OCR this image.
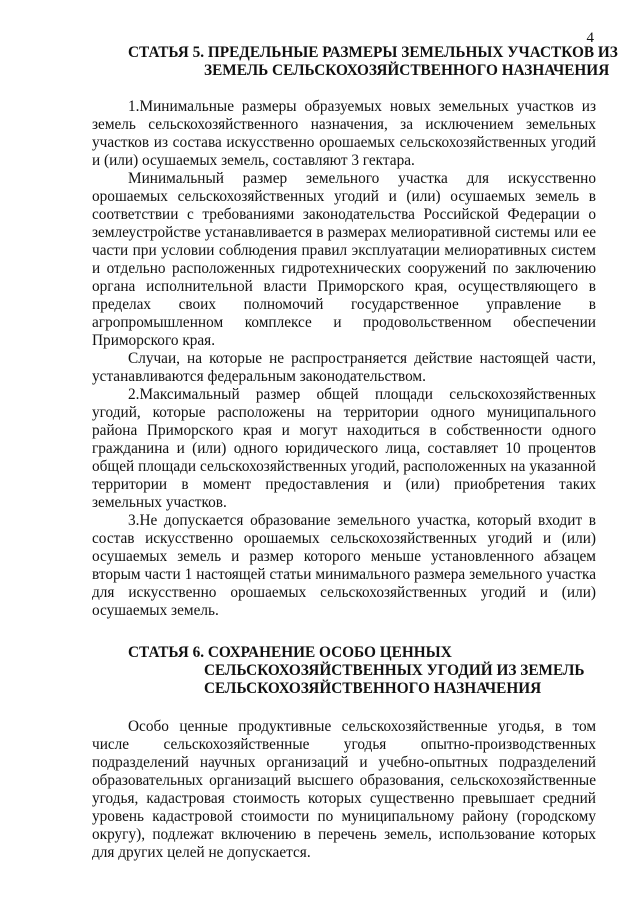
4
СТАТЬЯ 5. ПРЕДЕЛЬНЫЕ РАЗМЕРЫ ЗЕМЕЛЬНЫХ УЧАСТКОВ ИЗ
ЗЕМЕЛЬ СЕЛЬСКОХОЗЯЙСТВЕННОГО НАЗНАЧЕНИЯ

1.Минимальные размеры образуемых новых земельных участков из земель сельскохозяйственного назначения, за исключением земельных участков из состава искусственно орошаемых сельскохозяйственных угодий и (или) осушаемых земель, составляют 3 гектара.

Минимальный размер земельного участка для искусственно орошаемых сельскохозяйственных угодий и (или) осушаемых земель в соответствии с требованиями законодательства Российской Федерации о землеустройстве устанавливается в размерах мелиоративной системы или ее части при условии соблюдения правил эксплуатации мелиоративных систем и отдельно расположенных гидротехнических сооружений по заключению органа исполнительной власти Приморского края, осуществляющего в пределах своих полномочий государственное управление в агропромышленном комплексе и продовольственном обеспечении Приморского края.

Случаи, на которые не распространяется действие настоящей части, устанавливаются федеральным законодательством.

2.Максимальный размер общей площади сельскохозяйственных угодий, которые расположены на территории одного муниципального района Приморского края и могут находиться в собственности одного гражданина и (или) одного юридического лица, составляет 10 процентов общей площади сельскохозяйственных угодий, расположенных на указанной территории в момент предоставления и (или) приобретения таких земельных участков.

3.Не допускается образование земельного участка, который входит в состав искусственно орошаемых сельскохозяйственных угодий и (или) осушаемых земель и размер которого меньше установленного абзацем вторым части 1 настоящей статьи минимального размера земельного участка для искусственно орошаемых сельскохозяйственных угодий и (или) осушаемых земель.

СТАТЬЯ 6. СОХРАНЕНИЕ ОСОБО ЦЕННЫХ
СЕЛЬСКОХОЗЯЙСТВЕННЫХ УГОДИЙ ИЗ ЗЕМЕЛЬ
СЕЛЬСКОХОЗЯЙСТВЕННОГО НАЗНАЧЕНИЯ

Особо ценные продуктивные сельскохозяйственные угодья, в том числе сельскохозяйственные угодья опытно-производственных подразделений научных организаций и учебно-опытных подразделений образовательных организаций высшего образования, сельскохозяйственные угодья, кадастровая стоимость которых существенно превышает средний уровень кадастровой стоимости по муниципальному району (городскому округу), подлежат включению в перечень земель, использование которых для других целей не допускается.
